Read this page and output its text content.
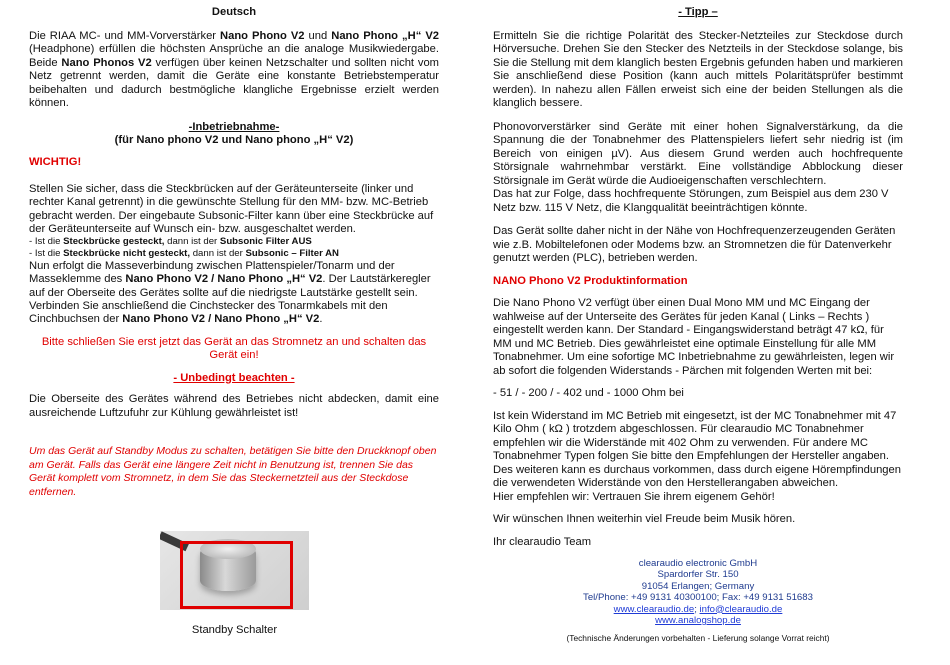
Deutsch

Die RIAA MC- und MM-Vorverstärker Nano Phono V2 und Nano Phono „H“ V2 (Headphone) erfüllen die höchsten Ansprüche an die analoge Musikwiedergabe. Beide Nano Phonos V2 verfügen über keinen Netzschalter und sollten nicht vom Netz getrennt werden, damit die Geräte eine konstante Betriebstemperatur beibehalten und dadurch bestmögliche klangliche Ergebnisse erzielt werden können.

-Inbetriebnahme-

(für Nano phono V2 und Nano phono „H“ V2)

WICHTIG!

Stellen Sie sicher, dass die Steckbrücken auf der Geräteunterseite (linker und rechter Kanal getrennt) in die gewünschte Stellung für den MM- bzw. MC-Betrieb gebracht werden. Der eingebaute Subsonic-Filter kann über eine Steckbrücke auf der Geräteunterseite auf Wunsch ein- bzw. ausgeschaltet werden.

- Ist die Steckbrücke gesteckt, dann ist der Subsonic Filter AUS

- Ist die Steckbrücke nicht gesteckt, dann ist der Subsonic – Filter AN

Nun erfolgt die Masseverbindung zwischen Plattenspieler/Tonarm und der Masseklemme des Nano Phono V2 / Nano Phono „H“ V2. Der Lautstärkeregler auf der Oberseite des Gerätes sollte auf die niedrigste Lautstärke gestellt sein. Verbinden Sie anschließend die Cinchstecker des Tonarmkabels mit den Cinchbuchsen der Nano Phono V2 / Nano Phono „H“ V2.

Bitte schließen Sie erst jetzt das Gerät an das Stromnetz an und schalten das Gerät ein!

- Unbedingt beachten -

Die Oberseite des Gerätes während des Betriebes nicht abdecken, damit eine ausreichende Luftzufuhr zur Kühlung gewährleistet ist!

Um das Gerät auf Standby Modus zu schalten, betätigen Sie bitte den Druckknopf oben am Gerät. Falls das Gerät eine längere Zeit nicht in Benutzung ist, trennen Sie das Gerät komplett vom Stromnetz, in dem Sie das Steckernetzteil aus der Steckdose entfernen.

Standby Schalter

- Tipp –

Ermitteln Sie die richtige Polarität des Stecker-Netzteiles zur Steckdose durch Hörversuche. Drehen Sie den Stecker des Netzteils in der Steckdose solange, bis Sie die Stellung mit dem klanglich besten Ergebnis gefunden haben und markieren Sie anschließend diese Position (kann auch mittels Polaritätsprüfer bestimmt werden). In nahezu allen Fällen erweist sich eine der beiden Stellungen als die klanglich bessere.

Phonovorverstärker sind Geräte mit einer hohen Signalverstärkung, da die Spannung die der Tonabnehmer des Plattenspielers liefert sehr niedrig ist (im Bereich von einigen µV). Aus diesem Grund werden auch hochfrequente Störsignale wahrnehmbar verstärkt. Eine vollständige Abblockung dieser Störsignale im Gerät würde die Audioeigenschaften verschlechtern.

Das hat zur Folge, dass hochfrequente Störungen, zum Beispiel aus dem 230 V Netz bzw. 115 V Netz, die Klangqualität beeinträchtigen könnte.

Das Gerät sollte daher nicht in der Nähe von Hochfrequenzerzeugenden Geräten wie z.B. Mobiltelefonen oder Modems bzw. an Stromnetzen die für Datenverkehr genutzt werden (PLC), betrieben werden.

NANO Phono V2 Produktinformation

Die Nano Phono V2 verfügt über einen Dual Mono MM und MC Eingang der wahlweise auf der Unterseite des Gerätes für jeden Kanal ( Links – Rechts ) eingestellt werden kann. Der Standard - Eingangswiderstand beträgt 47 kΩ, für MM und MC Betrieb. Dies gewährleistet eine optimale Einstellung für alle MM Tonabnehmer. Um eine sofortige MC Inbetriebnahme zu gewährleisten, legen wir ab sofort die folgenden Widerstands - Pärchen mit folgenden Werten mit bei:

- 51 / - 200 / - 402 und - 1000 Ohm bei

Ist kein Widerstand im MC Betrieb mit eingesetzt, ist der MC Tonabnehmer mit 47 Kilo Ohm ( kΩ ) trotzdem abgeschlossen. Für clearaudio MC Tonabnehmer empfehlen wir die Widerstände mit 402 Ohm zu verwenden. Für andere MC Tonabnehmer Typen folgen Sie bitte den Empfehlungen der Hersteller angaben. Des weiteren kann es durchaus vorkommen, dass durch eigene Hörempfindungen die verwendeten Widerstände von den Herstellerangaben abweichen.

Hier empfehlen wir: Vertrauen Sie ihrem eigenem Gehör!

Wir wünschen Ihnen weiterhin viel Freude beim Musik hören.

Ihr clearaudio Team

clearaudio electronic GmbH
Spardorfer Str. 150
91054 Erlangen; Germany
Tel/Phone: +49 9131 40300100; Fax: +49 9131 51683
www.clearaudio.de; info@clearaudio.de
www.analogshop.de

(Technische Änderungen vorbehalten - Lieferung solange Vorrat reicht)
